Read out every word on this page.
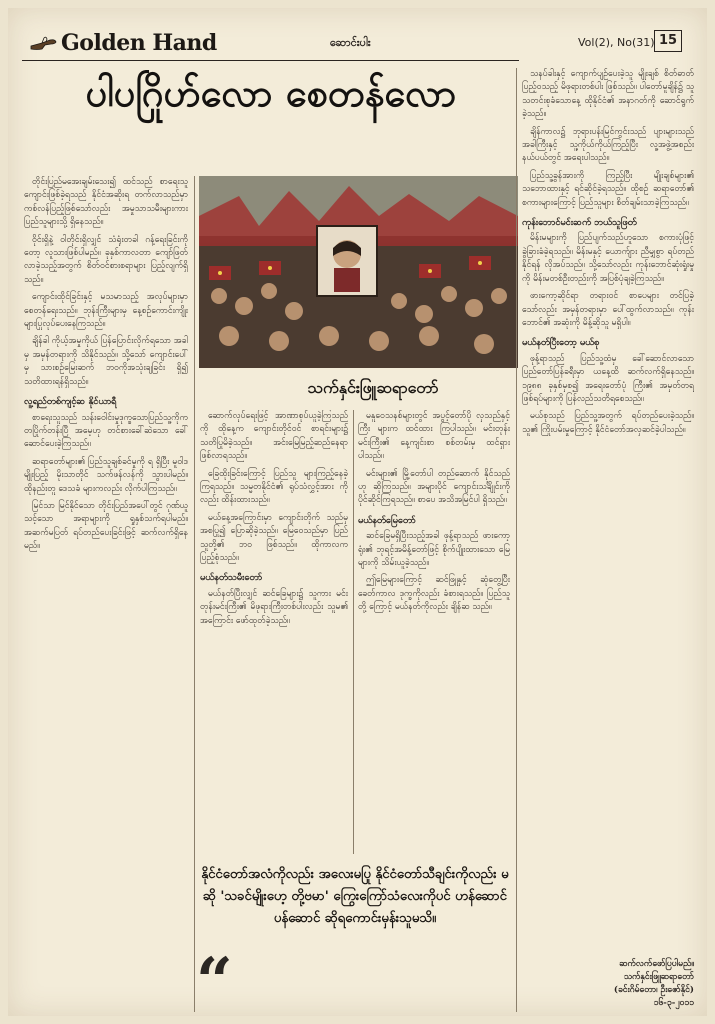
Golden Hand	ဆောင်းပါး	Vol(2), No(31) 15
ပါပဂြိုဟ်လော စေတန်လော
သက်နှင်းဖြူဆရာတော်

တိုင်းပြည်မအေးချမ်းသေး၍ ထင်သည် စာရေးသူ ကျောင်းဖြစ်ခဲ့ရသည် နိုင်ငံအဆိုးရ တက်လာသည်မှာ ကစ်လန်ပြည့်ဖြစ်သော်လည်း အမှုသာသမီးများကား ပြည်သူများသို့ ရှိနေသည်။

ဝိုင်းရှိနဲ့ ဝါတိုင်းရှိလျှင် သံရုံးတခါ ဂန့်ရေးခြင်းကိုတော့ လူသားဖြစ်ပါမည်။ ခုနှစ်ကာလတာ ကျော်ဖြတ်လာခဲ့သည့်အတွက် စိတ်ဝင်စားစရာများ ပြည့်လျက်ရှိသည်။

ကျောင်းထိုင်ခြင်းနှင့် မသမာသည့် အလုပ်များမှာ စေတန်ရေးသည်။ ဘုန်းကြီးများမှ နေ့စဉ်ကောင်းကျိုးများပြုလုပ်ပေးနေကြသည်။

ချိန်ခါ ကိုယ့်အမှုကိုယ် ပြန်ပြောင်းလိုက်ရသော အခါမှ အမှန်တရားကို သိနိုင်သည်။ သို့သော် ကျောင်းပေါ်မှ သားစဉ်မြေးဆက် ဘဝကိုအသုံးချခြင်း ရှိ၍ သတိထားရန်ရှိသည်။

လူ့ရည်တစ်ကျင့်ဆ နိုင်ယာရီ

စာရေးသူသည် သန်းဝေါင်းမှုဒုက္ခသောပြည်သူ့ကိုက တပြိုက်တန်းပြီ အမေ့ဟု တင်စားခေါ်ဆဲသော ခေါ်ဆောင်ပေးခဲ့ကြသည်။

ဆရာတော်များ၏ ပြည်သူချစ်ခင်မှုကို ရ ရှိပြီး မူဝါဒမျိုးပြည့် မိုးသာတိုင် သက်ဖန်လန်ကို သွားပါမည်။ ထိုနည်းတူ ဒေသခံ များကလည်း လိုက်ပါကြသည်။

မြင်သာ မြင်နိုင်သော တိုင်းပြည်အပေါ်တွင် ဂုဏ်ယူသင့်သော အရာများကို ရှုနှစ်သက်ရပါမည်။ အဆက်မပြတ် ရပ်တည်ပေးခြင်းဖြင့် ဆက်လက်ရှိနေမည်။

ဆောက်လုပ်ရေးဖြင့် အာဏာစုပ်ယူခဲ့ကြသည်ကို ထိုနေ့က ကျောင်းတိုင်ဝင် စာရင်းများ၌ သတိပြုမိခဲ့သည်။ အင်းမြေမြည့်ဆည်နေရာ ဖြစ်လာရသည်။

ခြေထိုးခြင်းကြောင့် ပြည်သူ များကြည့်နေခဲ့ကြရသည်။ သမ္မတနိုင်ငံ၏ ရုပ်သံလွှင့်အား ကိုလည်း ထိန်းထားသည်။

မယ်နေ့အကြောင်းမှာ ကျောင်းတိုက် သည်မှ အစပြု၍ ပြောဆိုခဲ့သည်။ မြေဝေသည်မှာ ပြည်သူတို့၏ ဘဝ ဖြစ်သည်။ ထိုကာလက ပြည့်စုံသည်။

မယ်နတ်သမီးတော်

မယ်နတ်ပြီးလျှင် ဆင်ခြေများ၌ သူကား မင်းတုန်းမင်းကြီး၏ မိဖုရားကြီးတစ်ပါးလည်း သူမ၏ အကြောင်း ဖော်ထုတ်ခဲ့သည်။

မနူဝေသနစ်များတွင် အပွင့်တော်ပို လှသည်နှင့်ကြီး များက ထင်ထား ကြပါသည်။ မင်းတုန်းမင်းကြီး၏ နေ့ကျင်းစာ စစ်တမ်းမှ ထင်ရှားပါသည်။

မင်းများ၏ မြို့တော်ပါ တည်ဆောက် နိုင်သည်ဟု ဆိုကြသည်။ အများပိုင် ကျောင်းသင်္ချိုင်းကို ပိုင်ဆိုင်ကြရသည်။ စာပေ အသိအမြင်ပါ ရှိသည်။

မယ်နတ်မြေတော်

ဆင်ခြေမရှိပြီးသည့်အခါ ဖုန့်ရာသည် ဖားကော့ရုံး၏ ဘုရင့်အမိန့်တော်ဖြင့် စိုက်ပျိုးထားသော မြေများကို သိမ်းယူခဲ့သည်။

ဤမြေများကြောင့် ဆင်ဖြူနှင့် ဆုံတွေ့ပြီး ခေတ်ကာလ ဒုက္ခကိုလည်း ခံစားရသည်။ ပြည်သူတို့ ကြောင့် မယ်နတ်ကိုလည်း ချိန်ဆ သည်။

သနပ်ခါးနှင့် ကျောက်ပျဉ်ပေးခဲ့သူ မျိုးချစ် စိတ်ဓာတ်ပြည့်ဝသည့် မိဖုရားတစ်ပါး ဖြစ်သည်။ ပါတော်မူချိန်၌ သူသတင်းစုခံသောနေ့ ထိုနိုင်ငံ၏ အနာဂတ်ကို ဆောင်ရွက်ခဲ့သည်။

ချိန်ကာလ၌ ဘုရားပန်းမြင်ကွင်းသည် ပျားများသည် အခါကြီးနှင့် သူ့ကိုယ်ကိုယ်ကြည့်ပြီး လူ့အဖွဲ့အစည်း နယ်ပယ်တွင် အရေးပါသည်။

ပြည်သူ့ခွန်အားကို ကြည့်ပြီး မျိုးချစ်များ၏ သဘောထားနှင့် ရင်ဆိုင်ခဲ့ရသည်။ ထိုစဉ် ဆရာတော်၏ စကားများကြောင့် ပြည်သူများ စိတ်ချမ်းသာခဲ့ကြသည်။

ကုန်းဘောင်မင်းဆက် ဘယ်သူဖြတ်

မိန်းမများကို ပြည်ပျက်သည်ဟူသော စကားပုံဖြင့် ခွဲခြားခံခဲ့ရသည်။ မိန်းမနှင့် ယောက်ျား ညီမျှစွာ ရပ်တည်နိုင်ရန် လိုအပ်သည်။ သို့သော်လည်း ကုန်းဘောင်ဆုံးရှုံးမှုကို မိန်းမတစ်ဦးတည်းကို အပြစ်ပုံချခဲ့ကြသည်။

ဖားကော့ဆိုင်ရာ တရားဝင် စာပေများ တင်ပြခဲ့သော်လည်း အမှန်တရားမှာ ပေါ်ထွက်လာသည်။ ကုန်းဘောင်၏ အဆုံးကို မိန့်ဆိုသူ မရှိပါ။

မယ်နတ်ပြီးတော့ မယ်စု

ဖုန့်ရာသည် ပြည်သူ့ထံမှ ခေါ်ဆောင်လာသော ပြည်တော်ပြန်ခရီးမှာ ယနေ့ထိ ဆက်လက်ရှိနေသည်။ ၁၉၈၈ ခုနှစ်မှစ၍ အရေးတော်ပုံ ကြီး၏ အမှတ်တရ ဖြစ်ရပ်များကို ပြန်လည်သတိရစေသည်။

မယ်စုသည် ပြည်သူ့အတွက် ရပ်တည်ပေးခဲ့သည်။ သူ၏ ကြိုးပမ်းမှုကြောင့် နိုင်ငံတော်အလှဆင်ခဲ့ပါသည်။

နိုင်ငံတော်အလံကိုလည်း အလေးမပြု နိုင်ငံတော်သီချင်းကိုလည်း မဆို 'သခင်မျိုးဟေ့ တို့ဗမာ' ကြွေးကြော်သံလေးကိုပင် ဟန်ဆောင် ပန်ဆောင် ဆိုရကောင်းမှန်းသူမသိ။
“	ဆက်လက်ဖော်ပြပါမည်။
သက်နှင်းဖြူဆရာတော်
(ခင်းဂိမ်တော၊ ဦးဇော်နိုင်)
၁၆-၃-၂၀၁၁
